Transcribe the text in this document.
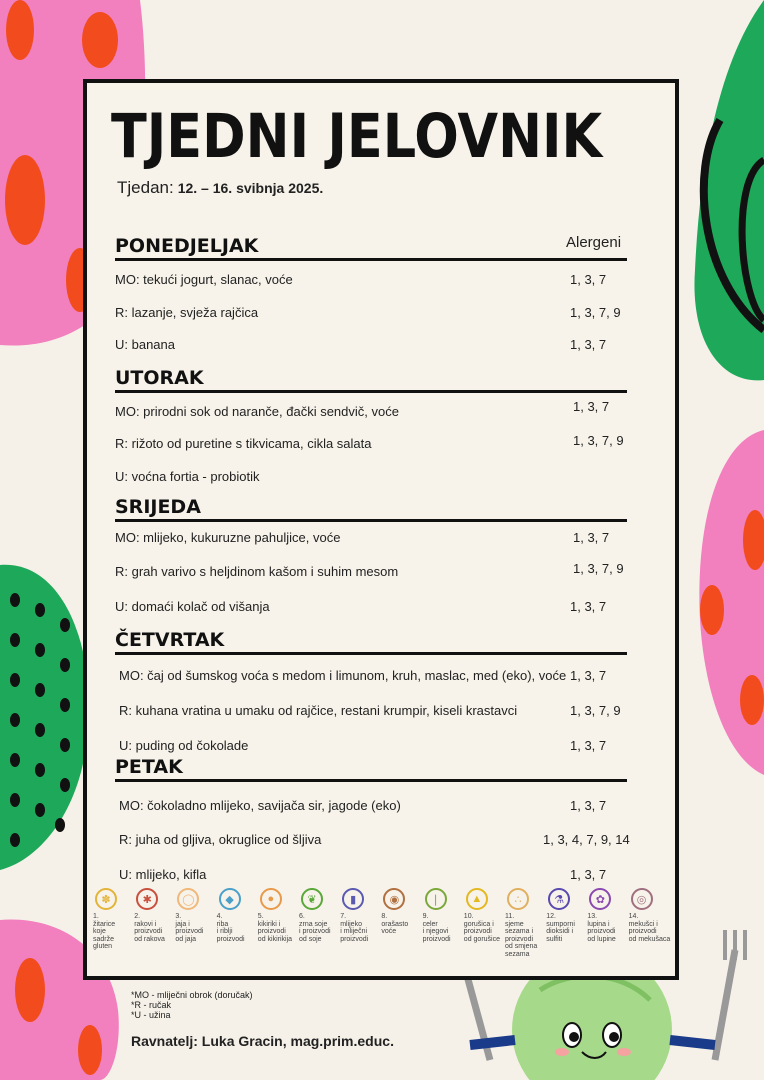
TJEDNI JELOVNIK
Tjedan: 12. – 16. svibnja 2025.
Alergeni
PONEDJELJAK
MO: tekući jogurt, slanac, voće	1, 3, 7
R: lazanje, svježa rajčica	1, 3, 7, 9
U: banana	1, 3, 7
UTORAK
MO: prirodni sok od naranče, đački sendvič, voće	1, 3, 7
R: rižoto od puretine s tikvicama, cikla salata	1, 3, 7, 9
U: voćna fortia - probiotik
SRIJEDA
MO: mlijeko, kukuruzne pahuljice, voće	1, 3, 7
R: grah varivo s heljdinom kašom i suhim mesom	1, 3, 7, 9
U: domaći kolač od višanja	1, 3, 7
ČETVRTAK
MO: čaj od šumskog voća s medom i limunom, kruh, maslac, med (eko), voće 1, 3, 7
R: kuhana vratina u umaku od rajčice, restani krumpir, kiseli krastavci	1, 3, 7, 9
U: puding od čokolade	1, 3, 7
PETAK
MO: čokoladno mlijeko, savijača sir, jagode (eko)	1, 3, 7
R: juha od gljiva, okruglice od šljiva	1, 3, 4, 7, 9, 14
U: mlijeko, kifla	1, 3, 7
✽
1.
žitarice
koje
sadrže
gluten
✱
2.
rakovi i
proizvodi
od rakova
◯
3.
jaja i
proizvodi
od jaja
◆
4.
riba
i riblji
proizvodi
●
5.
kikiriki i
proizvodi
od kikirikija
❦
6.
zrna soje
i proizvodi
od soje
▮
7.
mlijeko
i mliječni
proizvodi
◉
8.
orašasto
voće
❘
9.
celer
i njegovi
proizvodi
▲
10.
gorušica i
proizvodi
od gorušice
∴
11.
sjeme
sezama i
proizvodi
od smjena
sezama
⚗
12.
sumporni
dioksidi i
sulfiti
✿
13.
lupina i
proizvodi
od lupine
◎
14.
mekušci i
proizvodi
od mekušaca
*MO - mliječni obrok (doručak)
*R - ručak
*U - užina
Ravnatelj: Luka Gracin, mag.prim.educ.
